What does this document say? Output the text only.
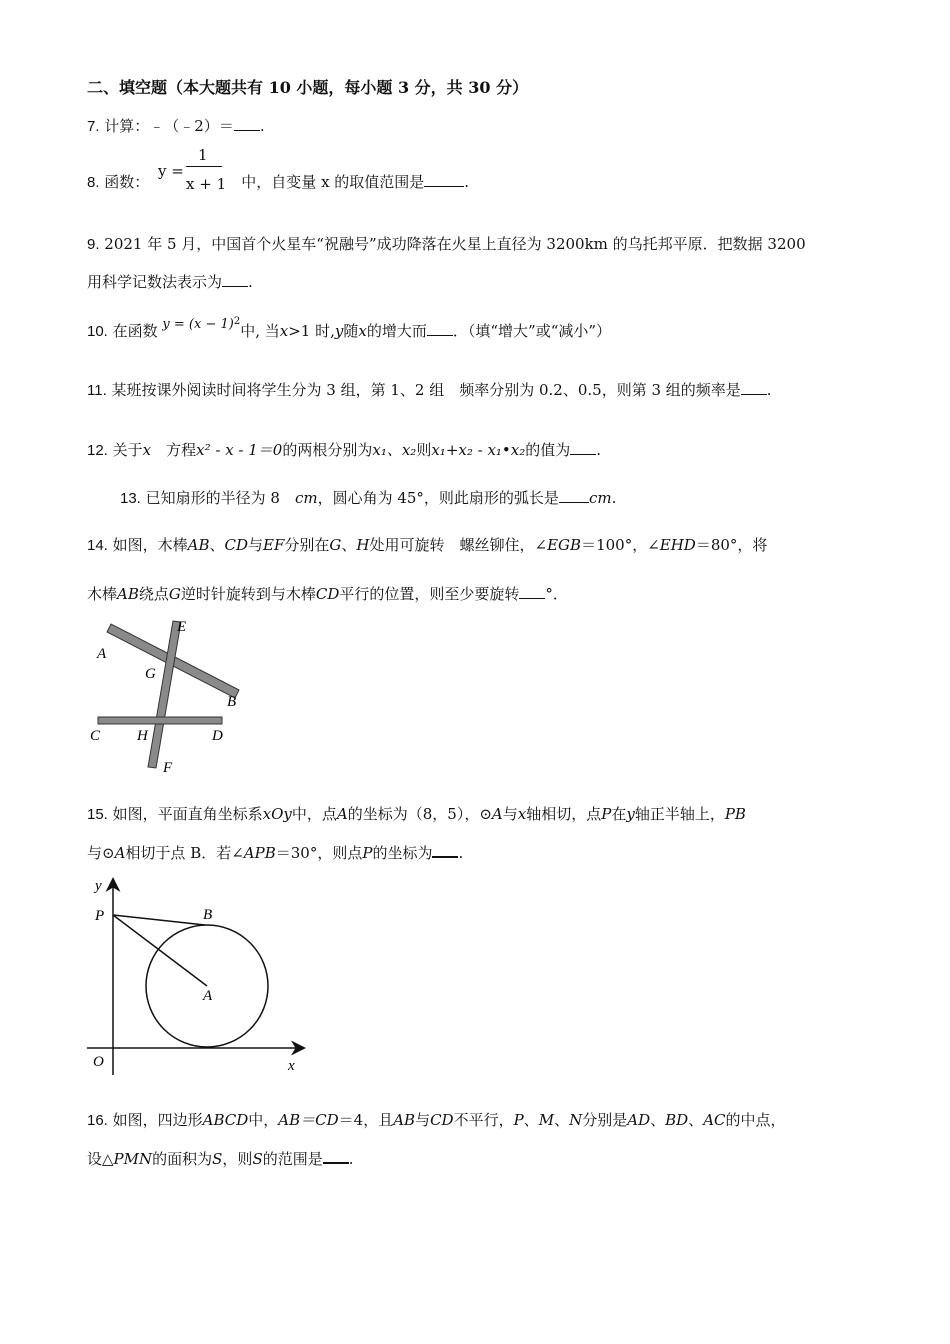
二、填空题（本大题共有 10 小题，每小题 3 分，共 30 分）
7. 计算：﹣（﹣2）＝ .
8. 函数：	中，自变量 x 的取值范围是	.
y =
1
x + 1
9. 2021 年 5 月，中国首个火星车“祝融号”成功降落在火星上直径为 3200km 的乌托邦平原．把数据 3200
用科学记数法表示为 .
10. 在函数 $y = (x - 1)^2$中, 当x>1 时,y随x的增大而 ．（填“增大”或“减小”）
11. 某班按课外阅读时间将学生分为 3 组，第 1、2 组　频率分别为 0.2、0.5，则第 3 组的频率是 .
12. 关于x　方程x² - x - 1＝0的两根分别为x₁、x₂则x₁+x₂ - x₁•x₂的值为 .
13. 已知扇形的半径为 8　cm，圆心角为 45°，则此扇形的弧长是 cm.
14. 如图，木棒AB、CD与EF分别在G、H处用可旋转　螺丝铆住，∠EGB＝100°，∠EHD＝80°，将
木棒AB绕点G逆时针旋转到与木棒CD平行的位置，则至少要旋转 °．
E
A
G
B
C H	D
F
15. 如图，平面直角坐标系xOy中，点A的坐标为（8，5），⊙A与x轴相切，点P在y轴正半轴上，PB
与⊙A相切于点 B．若∠APB＝30°，则点P的坐标为 .
y
P	B
A
O	x
16. 如图，四边形ABCD中，AB＝CD＝4，且AB与CD不平行，P、M、N分别是AD、BD、AC的中点，
设△PMN的面积为S，则S的范围是 .
